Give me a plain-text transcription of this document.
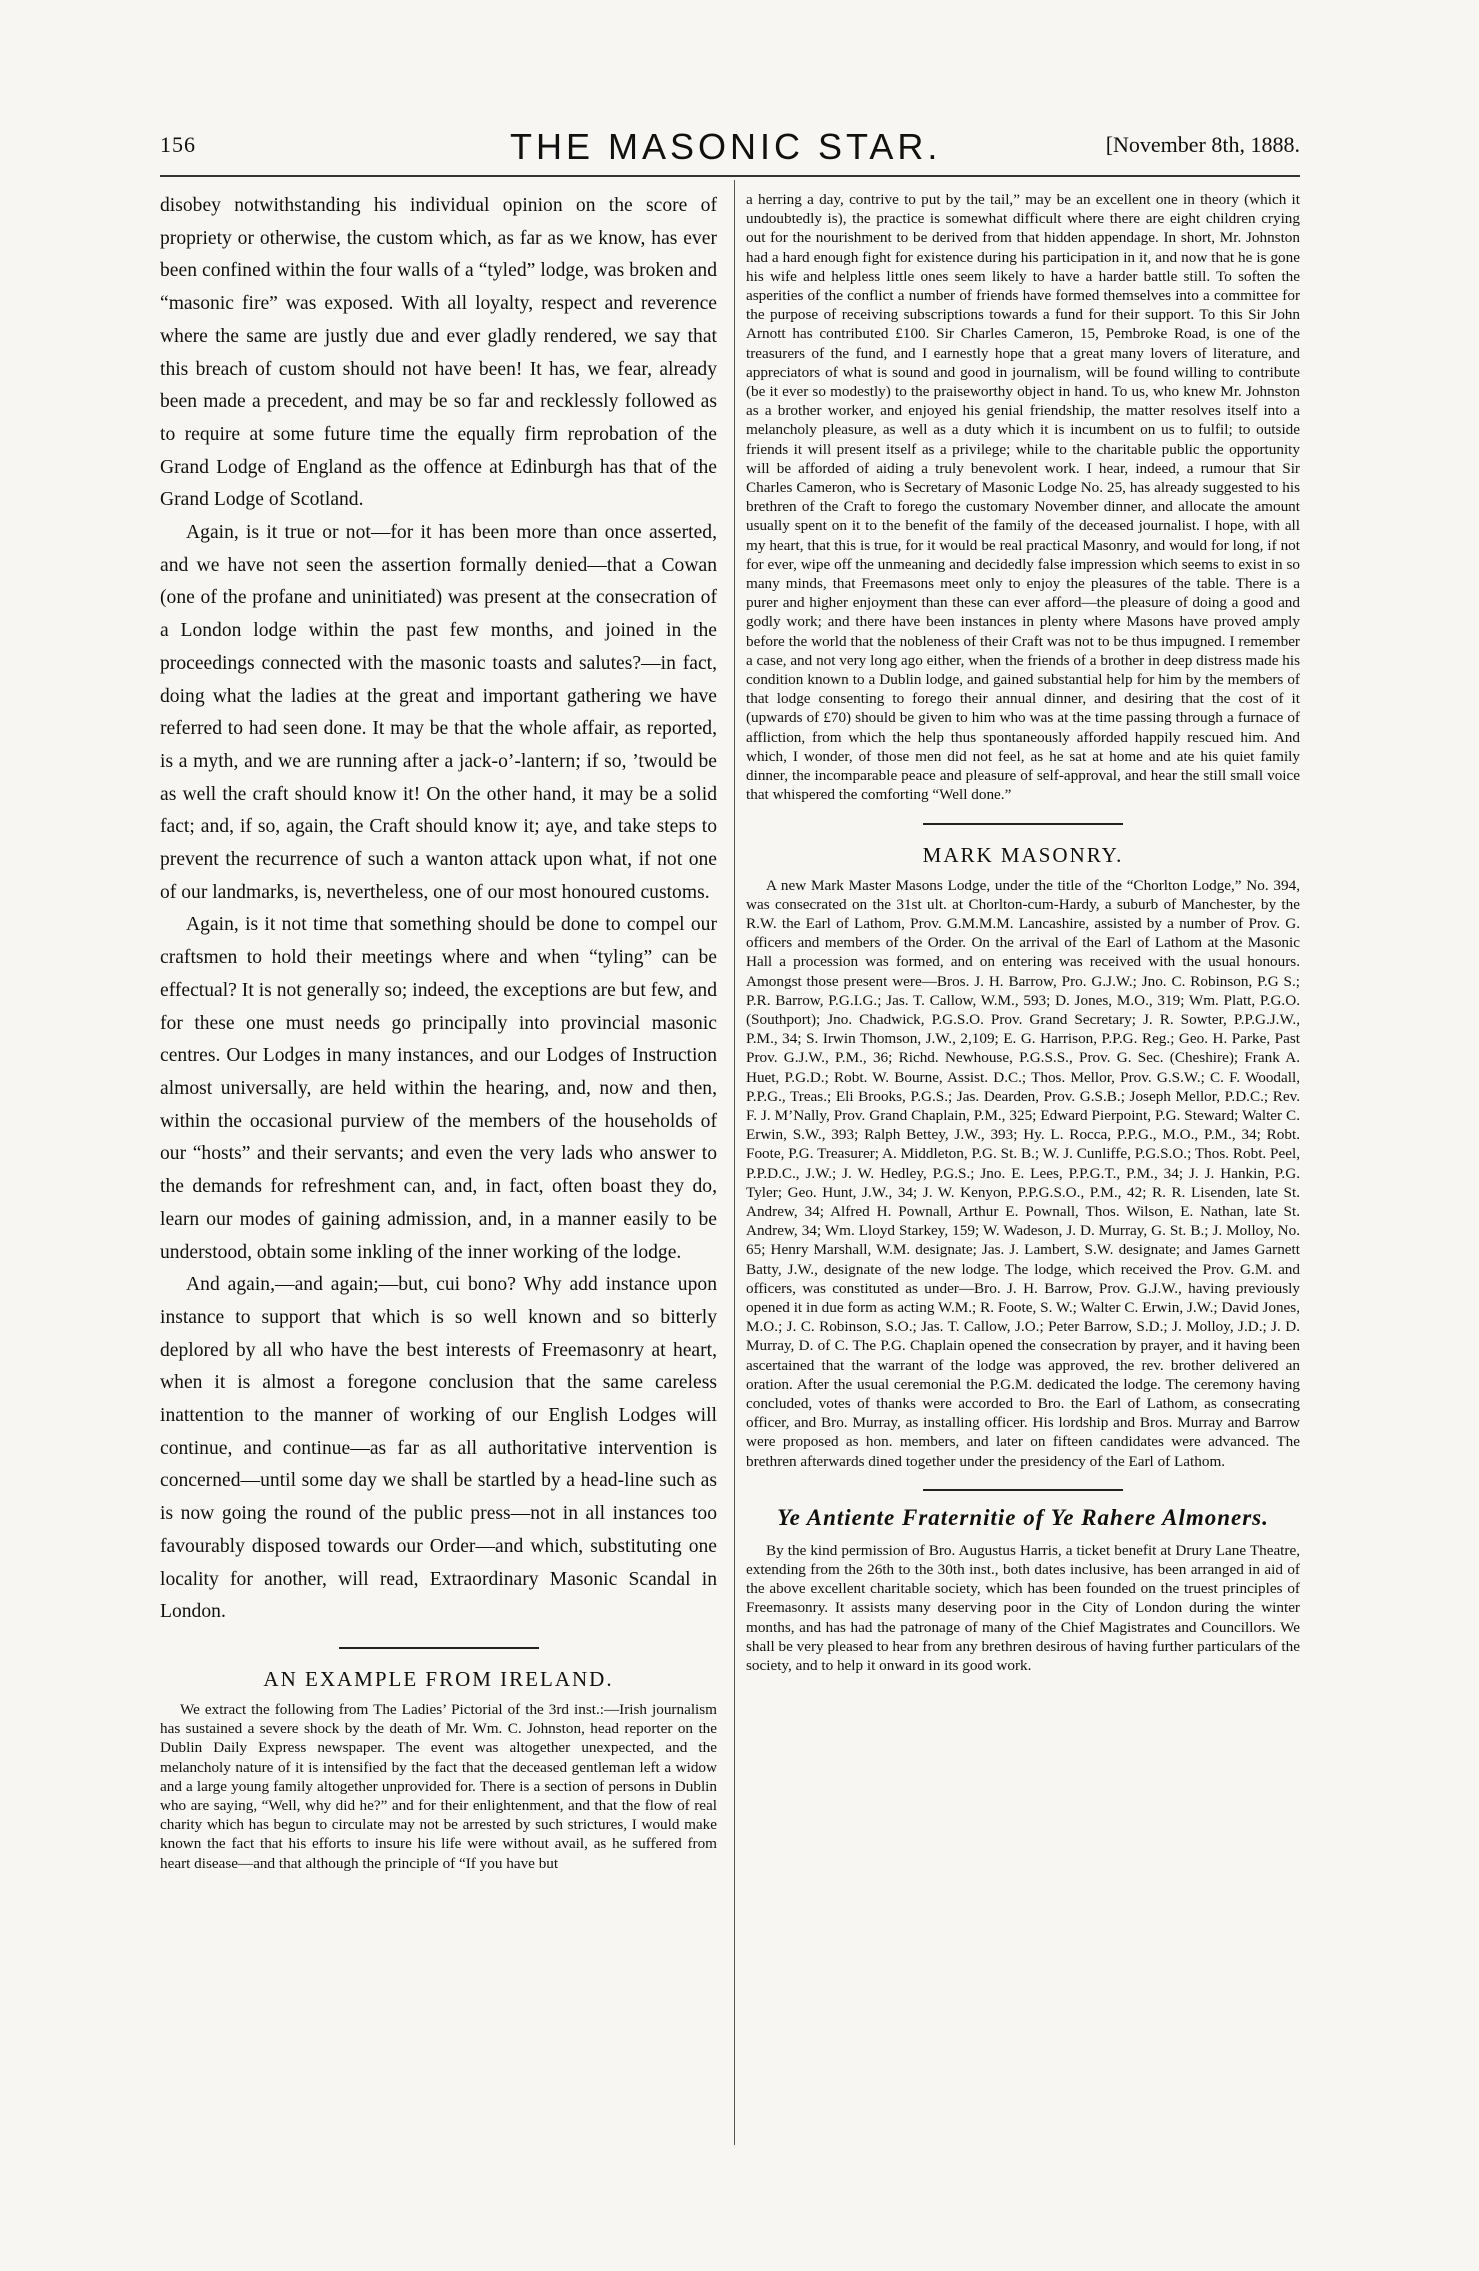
156	THE MASONIC STAR.	[November 8th, 1888.

disobey notwithstanding his individual opinion on the score of propriety or otherwise, the custom which, as far as we know, has ever been confined within the four walls of a “tyled” lodge, was broken and “masonic fire” was exposed. With all loyalty, respect and reverence where the same are justly due and ever gladly rendered, we say that this breach of custom should not have been! It has, we fear, already been made a precedent, and may be so far and recklessly followed as to require at some future time the equally firm reprobation of the Grand Lodge of England as the offence at Edinburgh has that of the Grand Lodge of Scotland.

Again, is it true or not—for it has been more than once asserted, and we have not seen the assertion formally denied—that a Cowan (one of the profane and uninitiated) was present at the consecration of a London lodge within the past few months, and joined in the proceedings connected with the masonic toasts and salutes?—in fact, doing what the ladies at the great and important gathering we have referred to had seen done. It may be that the whole affair, as reported, is a myth, and we are running after a jack-o’-lantern; if so, ’twould be as well the craft should know it! On the other hand, it may be a solid fact; and, if so, again, the Craft should know it; aye, and take steps to prevent the recurrence of such a wanton attack upon what, if not one of our landmarks, is, nevertheless, one of our most honoured customs.

Again, is it not time that something should be done to compel our craftsmen to hold their meetings where and when “tyling” can be effectual? It is not generally so; indeed, the exceptions are but few, and for these one must needs go principally into provincial masonic centres. Our Lodges in many instances, and our Lodges of Instruction almost universally, are held within the hearing, and, now and then, within the occasional purview of the members of the households of our “hosts” and their servants; and even the very lads who answer to the demands for refreshment can, and, in fact, often boast they do, learn our modes of gaining admission, and, in a manner easily to be understood, obtain some inkling of the inner working of the lodge.

And again,—and again;—but, cui bono? Why add instance upon instance to support that which is so well known and so bitterly deplored by all who have the best interests of Freemasonry at heart, when it is almost a foregone conclusion that the same careless inattention to the manner of working of our English Lodges will continue, and continue—as far as all authoritative intervention is concerned—until some day we shall be startled by a head-line such as is now going the round of the public press—not in all instances too favourably disposed towards our Order—and which, substituting one locality for another, will read, Extraordinary Masonic Scandal in London.

AN EXAMPLE FROM IRELAND.

We extract the following from The Ladies’ Pictorial of the 3rd inst.:—Irish journalism has sustained a severe shock by the death of Mr. Wm. C. Johnston, head reporter on the Dublin Daily Express newspaper. The event was altogether unexpected, and the melancholy nature of it is intensified by the fact that the deceased gentleman left a widow and a large young family altogether unprovided for. There is a section of persons in Dublin who are saying, “Well, why did he?” and for their enlightenment, and that the flow of real charity which has begun to circulate may not be arrested by such strictures, I would make known the fact that his efforts to insure his life were without avail, as he suffered from heart disease—and that although the principle of “If you have but

a herring a day, contrive to put by the tail,” may be an excellent one in theory (which it undoubtedly is), the practice is somewhat difficult where there are eight children crying out for the nourishment to be derived from that hidden appendage. In short, Mr. Johnston had a hard enough fight for existence during his participation in it, and now that he is gone his wife and helpless little ones seem likely to have a harder battle still. To soften the asperities of the conflict a number of friends have formed themselves into a committee for the purpose of receiving subscriptions towards a fund for their support. To this Sir John Arnott has contributed £100. Sir Charles Cameron, 15, Pembroke Road, is one of the treasurers of the fund, and I earnestly hope that a great many lovers of literature, and appreciators of what is sound and good in journalism, will be found willing to contribute (be it ever so modestly) to the praiseworthy object in hand. To us, who knew Mr. Johnston as a brother worker, and enjoyed his genial friendship, the matter resolves itself into a melancholy pleasure, as well as a duty which it is incumbent on us to fulfil; to outside friends it will present itself as a privilege; while to the charitable public the opportunity will be afforded of aiding a truly benevolent work. I hear, indeed, a rumour that Sir Charles Cameron, who is Secretary of Masonic Lodge No. 25, has already suggested to his brethren of the Craft to forego the customary November dinner, and allocate the amount usually spent on it to the benefit of the family of the deceased journalist. I hope, with all my heart, that this is true, for it would be real practical Masonry, and would for long, if not for ever, wipe off the unmeaning and decidedly false impression which seems to exist in so many minds, that Freemasons meet only to enjoy the pleasures of the table. There is a purer and higher enjoyment than these can ever afford—the pleasure of doing a good and godly work; and there have been instances in plenty where Masons have proved amply before the world that the nobleness of their Craft was not to be thus impugned. I remember a case, and not very long ago either, when the friends of a brother in deep distress made his condition known to a Dublin lodge, and gained substantial help for him by the members of that lodge consenting to forego their annual dinner, and desiring that the cost of it (upwards of £70) should be given to him who was at the time passing through a furnace of affliction, from which the help thus spontaneously afforded happily rescued him. And which, I wonder, of those men did not feel, as he sat at home and ate his quiet family dinner, the incomparable peace and pleasure of self-approval, and hear the still small voice that whispered the comforting “Well done.”

MARK MASONRY.

A new Mark Master Masons Lodge, under the title of the “Chorlton Lodge,” No. 394, was consecrated on the 31st ult. at Chorlton-cum-Hardy, a suburb of Manchester, by the R.W. the Earl of Lathom, Prov. G.M.M.M. Lancashire, assisted by a number of Prov. G. officers and members of the Order. On the arrival of the Earl of Lathom at the Masonic Hall a procession was formed, and on entering was received with the usual honours. Amongst those present were—Bros. J. H. Barrow, Pro. G.J.W.; Jno. C. Robinson, P.G S.; P.R. Barrow, P.G.I.G.; Jas. T. Callow, W.M., 593; D. Jones, M.O., 319; Wm. Platt, P.G.O. (Southport); Jno. Chadwick, P.G.S.O. Prov. Grand Secretary; J. R. Sowter, P.P.G.J.W., P.M., 34; S. Irwin Thomson, J.W., 2,109; E. G. Harrison, P.P.G. Reg.; Geo. H. Parke, Past Prov. G.J.W., P.M., 36; Richd. Newhouse, P.G.S.S., Prov. G. Sec. (Cheshire); Frank A. Huet, P.G.D.; Robt. W. Bourne, Assist. D.C.; Thos. Mellor, Prov. G.S.W.; C. F. Woodall, P.P.G., Treas.; Eli Brooks, P.G.S.; Jas. Dearden, Prov. G.S.B.; Joseph Mellor, P.D.C.; Rev. F. J. M’Nally, Prov. Grand Chaplain, P.M., 325; Edward Pierpoint, P.G. Steward; Walter C. Erwin, S.W., 393; Ralph Bettey, J.W., 393; Hy. L. Rocca, P.P.G., M.O., P.M., 34; Robt. Foote, P.G. Treasurer; A. Middleton, P.G. St. B.; W. J. Cunliffe, P.G.S.O.; Thos. Robt. Peel, P.P.D.C., J.W.; J. W. Hedley, P.G.S.; Jno. E. Lees, P.P.G.T., P.M., 34; J. J. Hankin, P.G. Tyler; Geo. Hunt, J.W., 34; J. W. Kenyon, P.P.G.S.O., P.M., 42; R. R. Lisenden, late St. Andrew, 34; Alfred H. Pownall, Arthur E. Pownall, Thos. Wilson, E. Nathan, late St. Andrew, 34; Wm. Lloyd Starkey, 159; W. Wadeson, J. D. Murray, G. St. B.; J. Molloy, No. 65; Henry Marshall, W.M. designate; Jas. J. Lambert, S.W. designate; and James Garnett Batty, J.W., designate of the new lodge. The lodge, which received the Prov. G.M. and officers, was constituted as under—Bro. J. H. Barrow, Prov. G.J.W., having previously opened it in due form as acting W.M.; R. Foote, S. W.; Walter C. Erwin, J.W.; David Jones, M.O.; J. C. Robinson, S.O.; Jas. T. Callow, J.O.; Peter Barrow, S.D.; J. Molloy, J.D.; J. D. Murray, D. of C. The P.G. Chaplain opened the consecration by prayer, and it having been ascertained that the warrant of the lodge was approved, the rev. brother delivered an oration. After the usual ceremonial the P.G.M. dedicated the lodge. The ceremony having concluded, votes of thanks were accorded to Bro. the Earl of Lathom, as consecrating officer, and Bro. Murray, as installing officer. His lordship and Bros. Murray and Barrow were proposed as hon. members, and later on fifteen candidates were advanced. The brethren afterwards dined together under the presidency of the Earl of Lathom.

Ye Antiente Fraternitie of Ye Rahere Almoners.

By the kind permission of Bro. Augustus Harris, a ticket benefit at Drury Lane Theatre, extending from the 26th to the 30th inst., both dates inclusive, has been arranged in aid of the above excellent charitable society, which has been founded on the truest principles of Freemasonry. It assists many deserving poor in the City of London during the winter months, and has had the patronage of many of the Chief Magistrates and Councillors. We shall be very pleased to hear from any brethren desirous of having further particulars of the society, and to help it onward in its good work.
